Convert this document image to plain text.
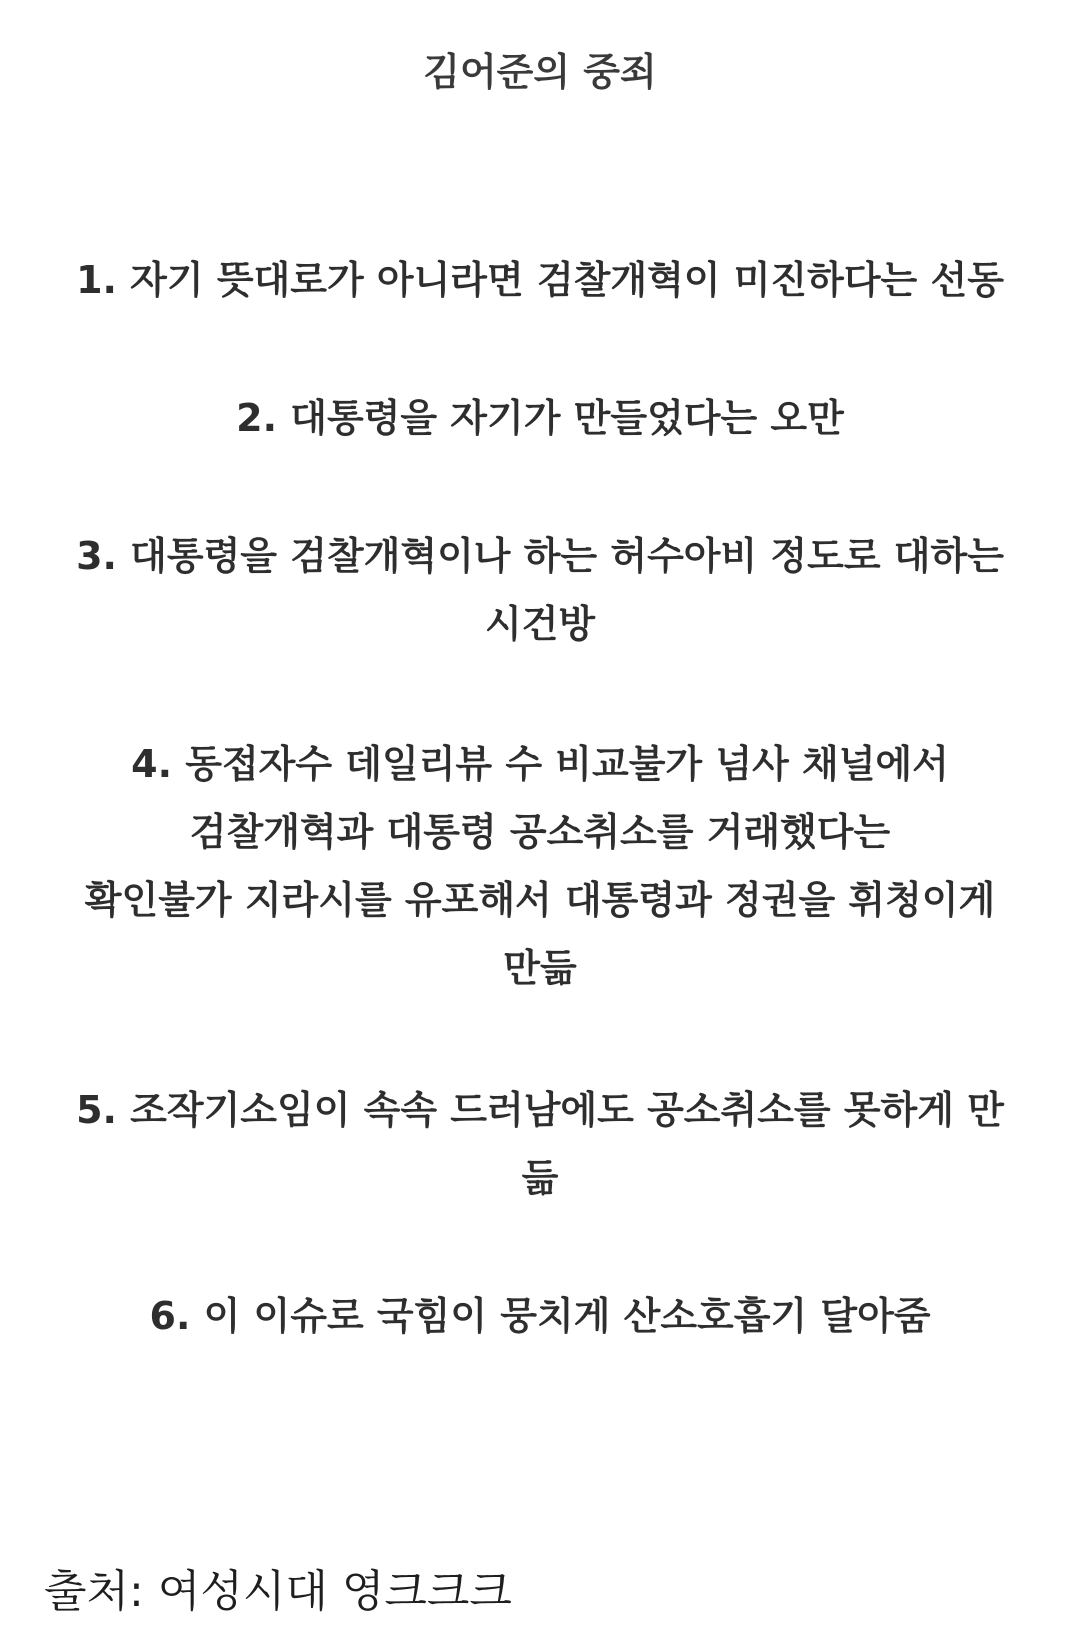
김어준의 중죄
1. 자기 뜻대로가 아니라면 검찰개혁이 미진하다는 선동
2. 대통령을 자기가 만들었다는 오만
3. 대통령을 검찰개혁이나 하는 허수아비 정도로 대하는
시건방
4. 동접자수 데일리뷰 수 비교불가 넘사 채널에서
검찰개혁과 대통령 공소취소를 거래했다는
확인불가 지라시를 유포해서 대통령과 정권을 휘청이게
만듦
5. 조작기소임이 속속 드러남에도 공소취소를 못하게 만
듦
6. 이 이슈로 국힘이 뭉치게 산소호흡기 달아줌
출처: 여성시대 영크크크
